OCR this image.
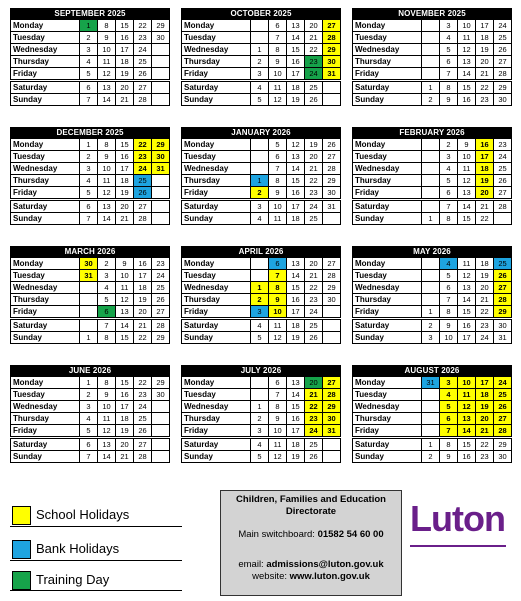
SEPTEMBER 2025
Monday	1	8	15	22	29
Tuesday	2	9	16	23	30
Wednesday	3	10	17	24	
Thursday	4	11	18	25	
Friday	5	12	19	26	

Saturday	6	13	20	27	
Sunday	7	14	21	28	
OCTOBER 2025
Monday		6	13	20	27
Tuesday		7	14	21	28
Wednesday	1	8	15	22	29
Thursday	2	9	16	23	30
Friday	3	10	17	24	31

Saturday	4	11	18	25	
Sunday	5	12	19	26	
NOVEMBER 2025
Monday		3	10	17	24
Tuesday		4	11	18	25
Wednesday		5	12	19	26
Thursday		6	13	20	27
Friday		7	14	21	28

Saturday	1	8	15	22	29
Sunday	2	9	16	23	30
DECEMBER 2025
Monday	1	8	15	22	29
Tuesday	2	9	16	23	30
Wednesday	3	10	17	24	31
Thursday	4	11	18	25	
Friday	5	12	19	26	

Saturday	6	13	20	27	
Sunday	7	14	21	28	
JANUARY 2026
Monday		5	12	19	26
Tuesday		6	13	20	27
Wednesday		7	14	21	28
Thursday	1	8	15	22	29
Friday	2	9	16	23	30

Saturday	3	10	17	24	31
Sunday	4	11	18	25	
FEBRUARY 2026
Monday		2	9	16	23
Tuesday		3	10	17	24
Wednesday		4	11	18	25
Thursday		5	12	19	26
Friday		6	13	20	27

Saturday		7	14	21	28
Sunday	1	8	15	22	
MARCH 2026
Monday	30	2	9	16	23
Tuesday	31	3	10	17	24
Wednesday		4	11	18	25
Thursday		5	12	19	26
Friday		6	13	20	27

Saturday		7	14	21	28
Sunday	1	8	15	22	29
APRIL 2026
Monday		6	13	20	27
Tuesday		7	14	21	28
Wednesday	1	8	15	22	29
Thursday	2	9	16	23	30
Friday	3	10	17	24	

Saturday	4	11	18	25	
Sunday	5	12	19	26	
MAY 2026
Monday		4	11	18	25
Tuesday		5	12	19	26
Wednesday		6	13	20	27
Thursday		7	14	21	28
Friday	1	8	15	22	29

Saturday	2	9	16	23	30
Sunday	3	10	17	24	31
JUNE 2026
Monday	1	8	15	22	29
Tuesday	2	9	16	23	30
Wednesday	3	10	17	24	
Thursday	4	11	18	25	
Friday	5	12	19	26	

Saturday	6	13	20	27	
Sunday	7	14	21	28	
JULY 2026
Monday		6	13	20	27
Tuesday		7	14	21	28
Wednesday	1	8	15	22	29
Thursday	2	9	16	23	30
Friday	3	10	17	24	31

Saturday	4	11	18	25	
Sunday	5	12	19	26	
AUGUST 2026
Monday	31	3	10	17	24
Tuesday		4	11	18	25
Wednesday		5	12	19	26
Thursday		6	13	20	27
Friday		7	14	21	28

Saturday	1	8	15	22	29
Sunday	2	9	16	23	30
School Holidays
Bank Holidays
Training Day
Children, Families and Education Directorate
Main switchboard: 01582 54 60 00
email: admissions@luton.gov.uk
website: www.luton.gov.uk
Luton
